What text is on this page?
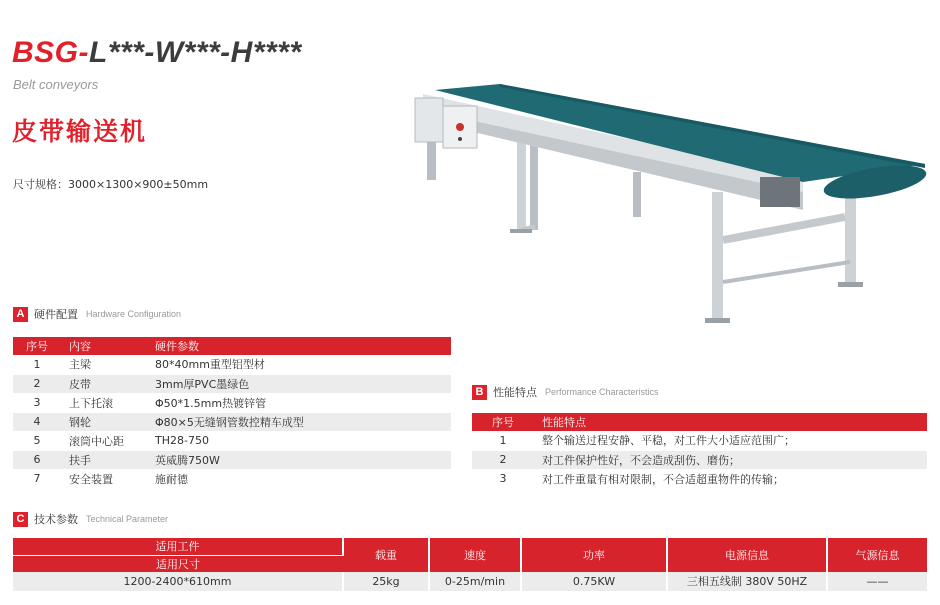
BSG-L***-W***-H****
Belt conveyors
皮带输送机
尺寸规格：3000×1300×900±50mm
A 硬件配置 Hardware Configuration
序号	内容	硬件参数
1	主梁	80*40mm重型铝型材
2	皮带	3mm厚PVC墨绿色
3	上下托滚	Φ50*1.5mm热镀锌管
4	钢轮	Φ80×5无缝钢管数控精车成型
5	滚筒中心距	TH28-750
6	扶手	英威腾750W
7	安全装置	施耐德
B 性能特点 Performance Characteristics
序号	性能特点
1	整个输送过程安静、平稳，对工件大小适应范围广；
2	对工件保护性好，不会造成刮伤、磨伤；
3	对工件重量有相对限制，不合适超重物件的传输；
C 技术参数 Technical Parameter
适用工件	载重	速度	功率	电源信息	气源信息
适用尺寸					
1200-2400*610mm	25kg	0-25m/min	0.75KW	三相五线制 380V 50HZ	——
